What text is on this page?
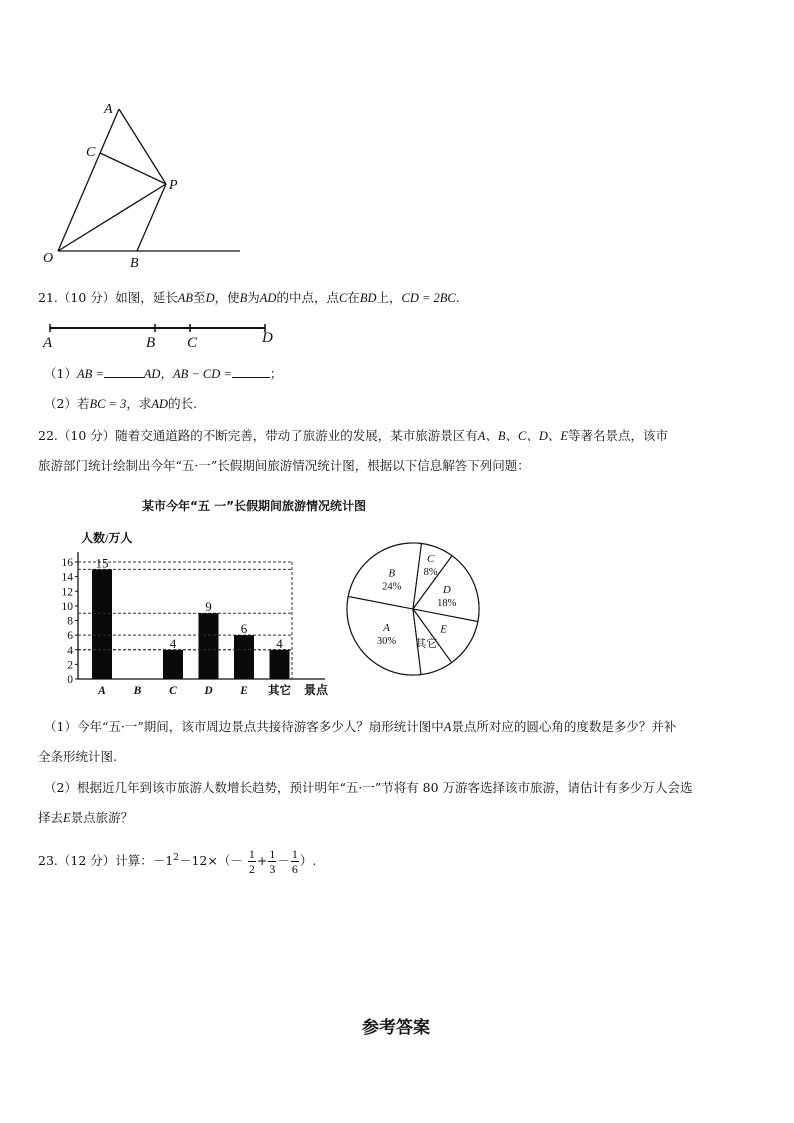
A
C
P
O	B
21.（10 分）如图，延长AB至D，使B为AD的中点，点C在BD上，CD = 2BC.
A	B C	D
（1）AB =	AD，AB − CD =	；
（2）若BC = 3，求AD的长.
22.（10 分）随着交通道路的不断完善，带动了旅游业的发展，某市旅游景区有A、B、C、D、E等著名景点，该市
旅游部门统计绘制出今年“五·一”长假期间旅游情况统计图，根据以下信息解答下列问题：
某市今年“五 一”长假期间旅游情况统计图
0
2
4
6
8
10
12
14
16 15
A B
4
C
9
D
6
E
4
其它
人数/万人
景点
A
30%
B
24%
C
8%
D
18%
E
其它
（1）今年“五·一”期间，该市周边景点共接待游客多少人？扇形统计图中A景点所对应的圆心角的度数是多少？并补
全条形统计图.
（2）根据近几年到该市旅游人数增长趋势，预计明年“五·一”节将有 80 万游客选择该市旅游，请估计有多少万人会选
择去E景点旅游？
23.（12 分）计算：$-1^2-12\times(- \frac{1}{2} + \frac{1}{3} - \frac{1}{6}$ ）.
参考答案
